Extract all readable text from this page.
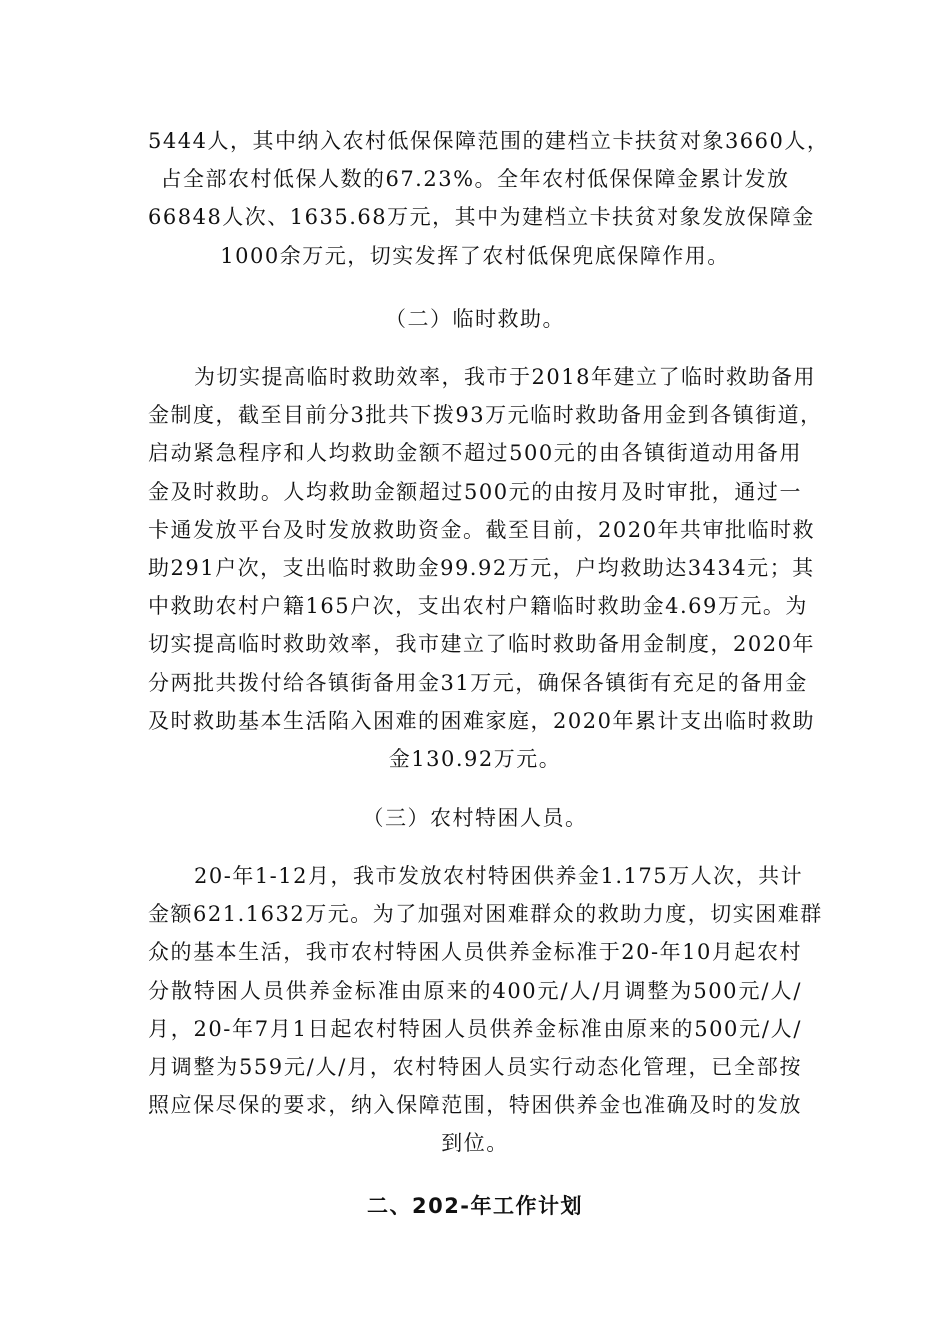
5444人，其中纳入农村低保保障范围的建档立卡扶贫对象3660人，
占全部农村低保人数的67.23%。全年农村低保保障金累计发放
66848人次、1635.68万元，其中为建档立卡扶贫对象发放保障金
1000余万元，切实发挥了农村低保兜底保障作用。
（二）临时救助。
为切实提高临时救助效率，我市于2018年建立了临时救助备用
金制度，截至目前分3批共下拨93万元临时救助备用金到各镇街道，
启动紧急程序和人均救助金额不超过500元的由各镇街道动用备用
金及时救助。人均救助金额超过500元的由按月及时审批，通过一
卡通发放平台及时发放救助资金。截至目前，2020年共审批临时救
助291户次，支出临时救助金99.92万元，户均救助达3434元；其
中救助农村户籍165户次，支出农村户籍临时救助金4.69万元。为
切实提高临时救助效率，我市建立了临时救助备用金制度，2020年
分两批共拨付给各镇街备用金31万元，确保各镇街有充足的备用金
及时救助基本生活陷入困难的困难家庭，2020年累计支出临时救助
金130.92万元。
（三）农村特困人员。
20-年1-12月，我市发放农村特困供养金1.175万人次，共计
金额621.1632万元。为了加强对困难群众的救助力度，切实困难群
众的基本生活，我市农村特困人员供养金标准于20-年10月起农村
分散特困人员供养金标准由原来的400元/人/月调整为500元/人/
月，20-年7月1日起农村特困人员供养金标准由原来的500元/人/
月调整为559元/人/月，农村特困人员实行动态化管理，已全部按
照应保尽保的要求，纳入保障范围，特困供养金也准确及时的发放
到位。
二、202-年工作计划
